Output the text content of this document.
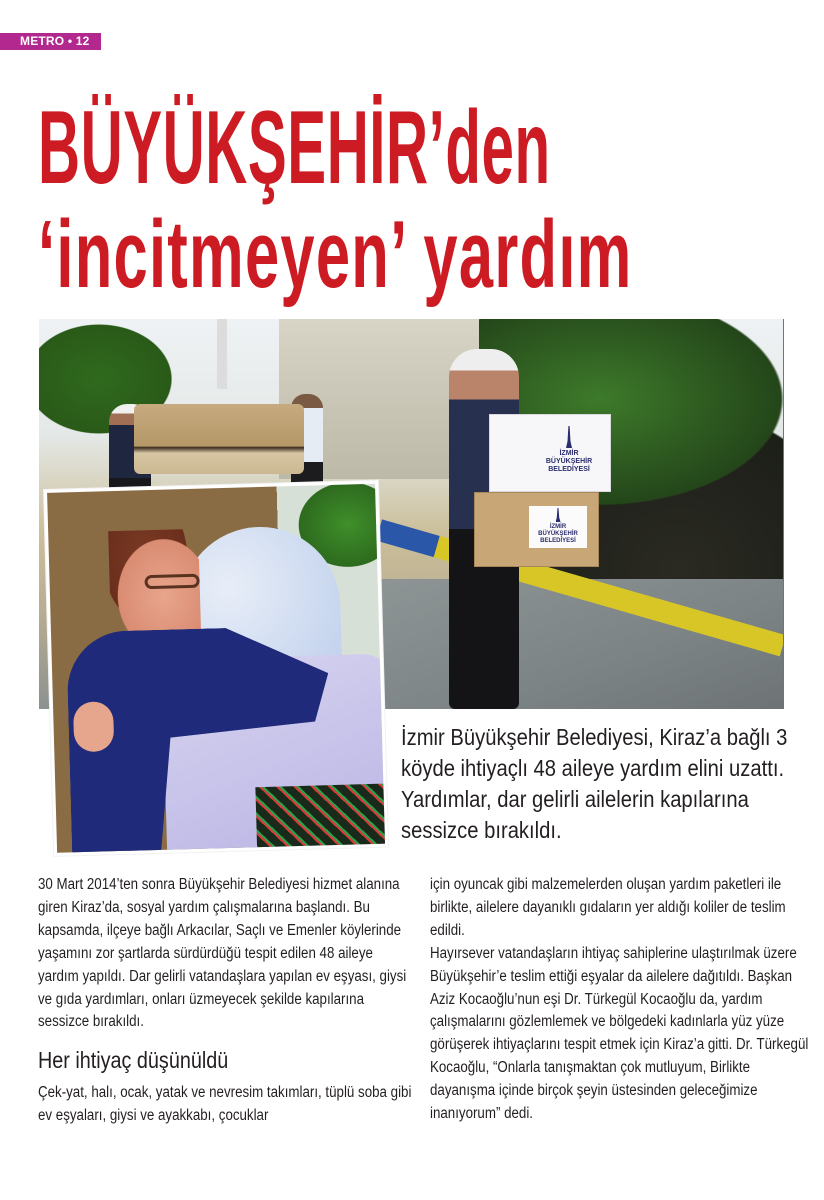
METRO • 12
BÜYÜKŞEHİR’den
‘incitmeyen’ yardım
İZMİR
BÜYÜKŞEHİR
BELEDİYESİ
İZMİR
BÜYÜKŞEHİR
BELEDİYESİ
İzmir Büyükşehir Belediyesi, Kiraz’a bağlı 3 köyde ihtiyaçlı 48 aileye yardım elini uzattı. Yardımlar, dar gelirli ailelerin kapılarına sessizce bırakıldı.

30 Mart 2014’ten sonra Büyükşehir Belediyesi hizmet alanına giren Kiraz’da, sosyal yardım çalışmalarına başlandı. Bu kapsamda, ilçeye bağlı Arkacılar, Saçlı ve Emenler köylerinde yaşamını zor şartlarda sürdürdüğü tespit edilen 48 aileye yardım yapıldı. Dar gelirli vatandaşlara yapılan ev eşyası, giysi ve gıda yardımları, onları üzmeyecek şekilde kapılarına sessizce bırakıldı.

Her ihtiyaç düşünüldü

Çek-yat, halı, ocak, yatak ve nevresim takımları, tüplü soba gibi ev eşyaları, giysi ve ayakkabı, çocuklar

için oyuncak gibi malzemelerden oluşan yardım paketleri ile birlikte, ailelere dayanıklı gıdaların yer aldığı koliler de teslim edildi.

Hayırsever vatandaşların ihtiyaç sahiplerine ulaştırılmak üzere Büyükşehir’e teslim ettiği eşyalar da ailelere dağıtıldı. Başkan Aziz Kocaoğlu’nun eşi Dr. Türkegül Kocaoğlu da, yardım çalışmalarını gözlemlemek ve bölgedeki kadınlarla yüz yüze görüşerek ihtiyaçlarını tespit etmek için Kiraz’a gitti. Dr. Türkegül Kocaoğlu, “Onlarla tanışmaktan çok mutluyum, Birlikte dayanışma içinde birçok şeyin üstesinden geleceğimize inanıyorum” dedi.
